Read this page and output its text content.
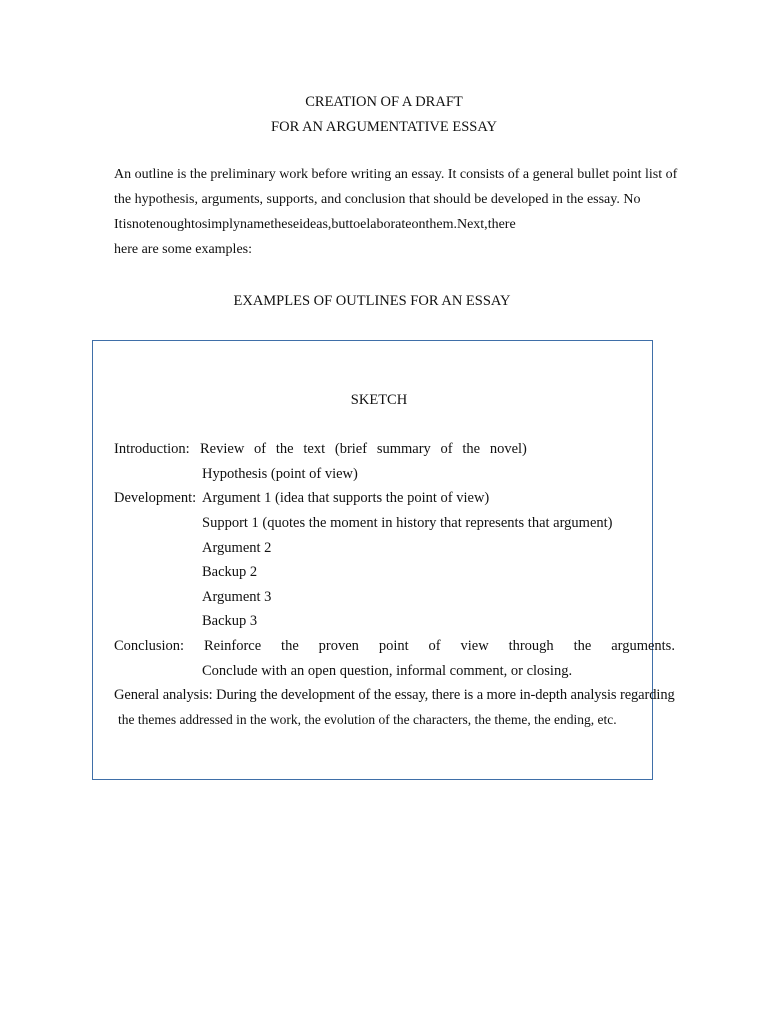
CREATION OF A DRAFT
FOR AN ARGUMENTATIVE ESSAY
An outline is the preliminary work before writing an essay. It consists of a general bullet point list of
the hypothesis, arguments, supports, and conclusion that should be developed in the essay. No
Itisnotenoughtosimplynametheseideas,buttoelaborateonthem.Next,there
here are some examples:
EXAMPLES OF OUTLINES FOR AN ESSAY
SKETCH
Introduction: Review of the text (brief summary of the novel)
Hypothesis (point of view)
Development: Argument 1 (idea that supports the point of view)
Support 1 (quotes the moment in history that represents that argument)
Argument 2
Backup 2
Argument 3
Backup 3
Conclusion: Reinforce the proven point of view through the arguments.
Conclude with an open question, informal comment, or closing.
General analysis: During the development of the essay, there is a more in-depth analysis regarding
the themes addressed in the work, the evolution of the characters, the theme, the ending, etc.
